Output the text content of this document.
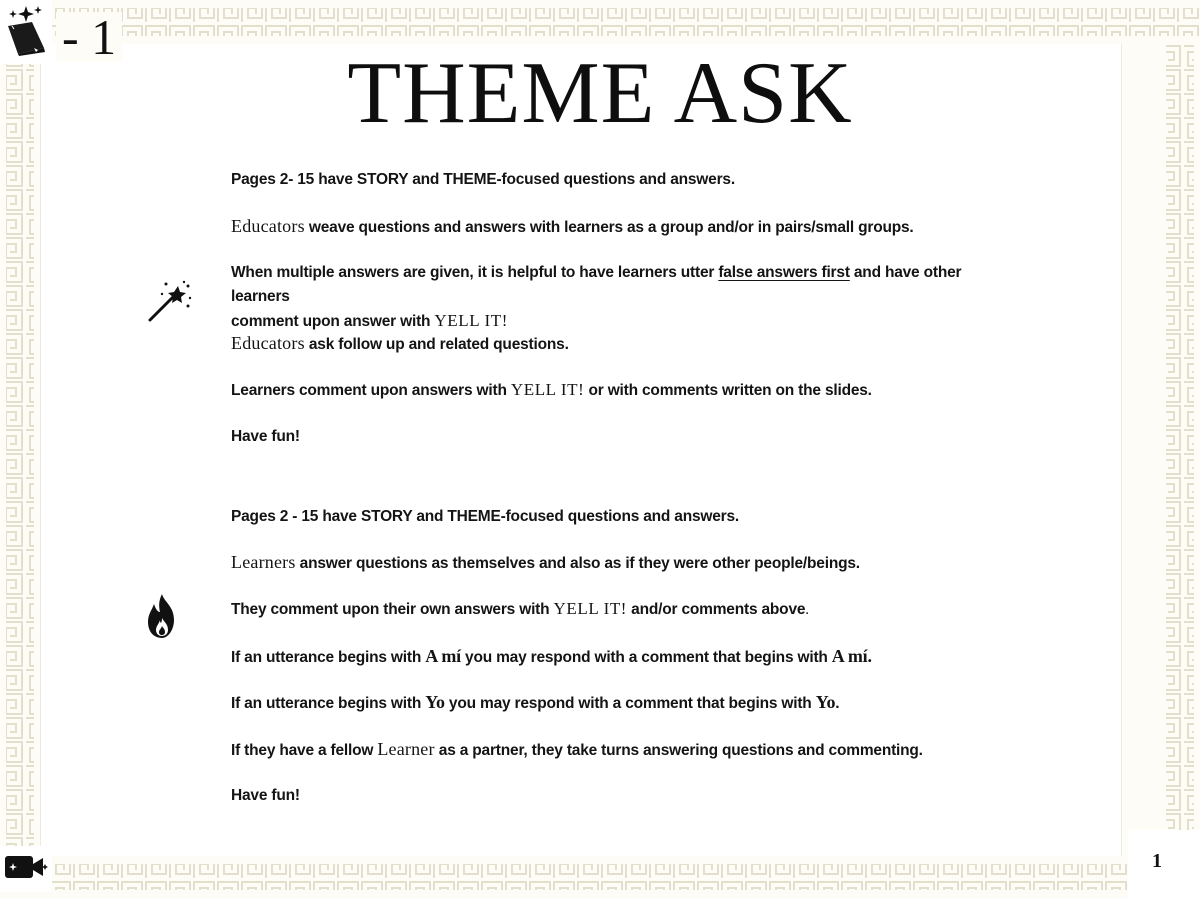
- 1
THEME ASK
Pages 2- 15 have STORY and THEME-focused questions and answers.
Educators weave questions and answers with learners as a group and/or in pairs/small groups.
When multiple answers are given, it is helpful to have learners utter false answers first and have other learners
comment upon answer with YELL IT!
Educators ask follow up and related questions.
Learners comment upon answers with YELL IT! or with comments written on the slides.
Have fun!
Pages 2 - 15 have STORY and THEME-focused questions and answers.
Learners answer questions as themselves and also as if they were other people/beings.
They comment upon their own answers with YELL IT! and/or comments above.
If an utterance begins with A mí you may respond with a comment that begins with A mí.
If an utterance begins with Yo you may respond with a comment that begins with Yo.
If they have a fellow Learner as a partner, they take turns answering questions and commenting.
Have fun!
1
